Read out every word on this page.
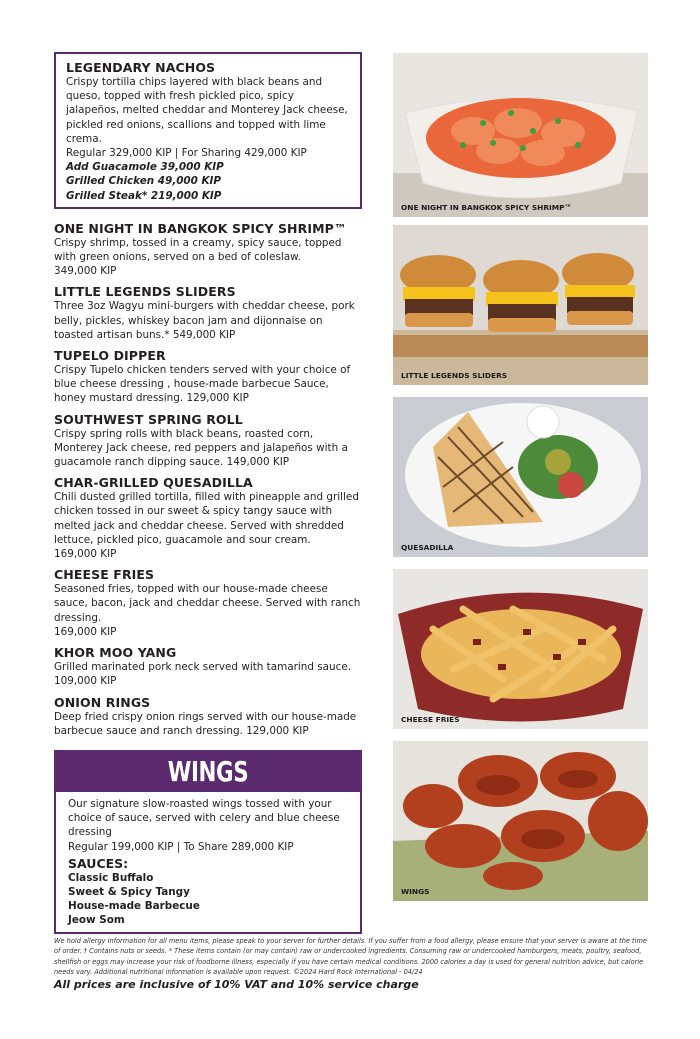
LEGENDARY NACHOS
Crispy tortilla chips layered with black beans and queso, topped with fresh pickled pico, spicy jalapeños, melted cheddar and Monterey Jack cheese, pickled red onions, scallions and topped with lime crema.
Regular 329,000 KIP | For Sharing 429,000 KIP
Add Guacamole 39,000 KIP
Grilled Chicken 49,000 KIP
Grilled Steak* 219,000 KIP
ONE NIGHT IN BANGKOK SPICY SHRIMP™
Crispy shrimp, tossed in a creamy, spicy sauce, topped with green onions, served on a bed of coleslaw.
349,000 KIP
LITTLE LEGENDS SLIDERS
Three 3oz Wagyu mini-burgers with cheddar cheese, pork belly, pickles, whiskey bacon jam and dijonnaise on toasted artisan buns.* 549,000 KIP
TUPELO DIPPER
Crispy Tupelo chicken tenders served with your choice of blue cheese dressing , house-made barbecue Sauce, honey mustard dressing. 129,000 KIP
SOUTHWEST SPRING ROLL
Crispy spring rolls with black beans, roasted corn, Monterey Jack cheese, red peppers and jalapeños with a guacamole ranch dipping sauce. 149,000 KIP
CHAR-GRILLED QUESADILLA
Chili dusted grilled tortilla, filled with pineapple and grilled chicken tossed in our sweet & spicy tangy sauce with melted jack and cheddar cheese. Served with shredded lettuce, pickled pico, guacamole and sour cream.
169,000 KIP
CHEESE FRIES
Seasoned fries, topped with our house-made cheese sauce, bacon, jack and cheddar cheese. Served with ranch dressing.
169,000 KIP
KHOR MOO YANG
Grilled marinated pork neck served with tamarind sauce.
109,000 KIP
ONION RINGS
Deep fried crispy onion rings served with our house-made barbecue sauce and ranch dressing. 129,000 KIP
WINGS
Our signature slow-roasted wings tossed with your choice of sauce, served with celery and blue cheese dressing
Regular 199,000 KIP | To Share 289,000 KIP
SAUCES:
Classic Buffalo
Sweet & Spicy Tangy
House-made Barbecue
Jeow Som
ONE NIGHT IN BANGKOK SPICY SHRIMP™
LITTLE LEGENDS SLIDERS
QUESADILLA
CHEESE FRIES
WINGS
We hold allergy information for all menu items, please speak to your server for further details. If you suffer from a food allergy, please ensure that your server is aware at the time of order. † Contains nuts or seeds. * These items contain (or may contain) raw or undercooked ingredients. Consuming raw or undercooked hamburgers, meats, poultry, seafood, shellfish or eggs may increase your risk of foodborne illness, especially if you have certain medical conditions. 2000 calories a day is used for general nutrition advice, but calorie needs vary. Additional nutritional information is available upon request. ©2024 Hard Rock International - 04/24
All prices are inclusive of 10% VAT and 10% service charge
